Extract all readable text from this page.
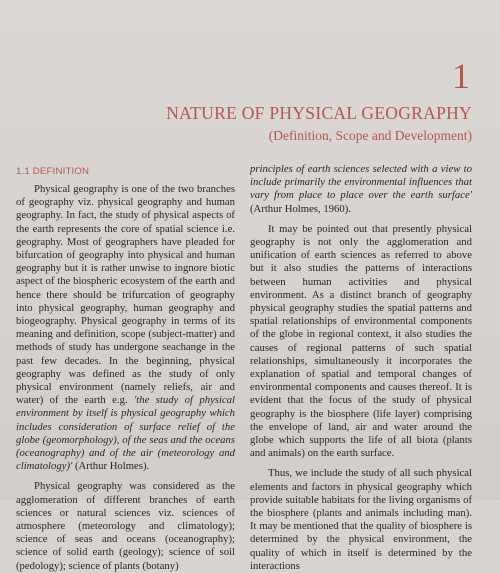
1
NATURE OF PHYSICAL GEOGRAPHY
(Definition, Scope and Development)
1.1 DEFINITION

Physical geography is one of the two branches of geography viz. physical geography and human geography. In fact, the study of physical aspects of the earth represents the core of spatial science i.e. geography. Most of geographers have pleaded for bifurcation of geography into physical and human geography but it is rather unwise to ingnore biotic aspect of the biospheric ecosystem of the earth and hence there should be trifurcation of geography into physical geography, human geography and biogeography. Physical geography in terms of its meaning and definition, scope (subject-matter) and methods of study has undergone seachange in the past few decades. In the beginning, physical geography was defined as the study of only physical environment (namely reliefs, air and water) of the earth e.g. 'the study of physical environment by itself is physical geography which includes consideration of surface relief of the globe (geomorphology), of the seas and the oceans (oceanography) and of the air (meteorology and climatology)' (Arthur Holmes).

Physical geography was considered as the agglomeration of different branches of earth sciences or natural sciences viz. sciences of atmosphere (meteorology and climatology); science of seas and oceans (oceanography); science of solid earth (geology); science of soil (pedology); science of plants (botany)

principles of earth sciences selected with a view to include primarily the environmental influences that vary from place to place over the earth surface' (Arthur Holmes, 1960).

It may be pointed out that presently physical geography is not only the agglomeration and unification of earth sciences as referred to above but it also studies the patterns of interactions between human activities and physical environment. As a distinct branch of geography physical geography studies the spatial patterns and spatial relationships of environmental components of the globe in regional context, it also studies the causes of regional patterns of such spatial relationships, simultaneously it incorporates the explanation of spatial and temporal changes of environmental components and causes thereof. It is evident that the focus of the study of physical geography is the biosphere (life layer) comprising the envelope of land, air and water around the globe which supports the life of all biota (plants and animals) on the earth surface.

Thus, we include the study of all such physical elements and factors in physical geography which provide suitable habitats for the living organisms of the biosphere (plants and animals including man). It may be mentioned that the quality of biosphere is determined by the physical environment, the quality of which in itself is determined by the interactions
